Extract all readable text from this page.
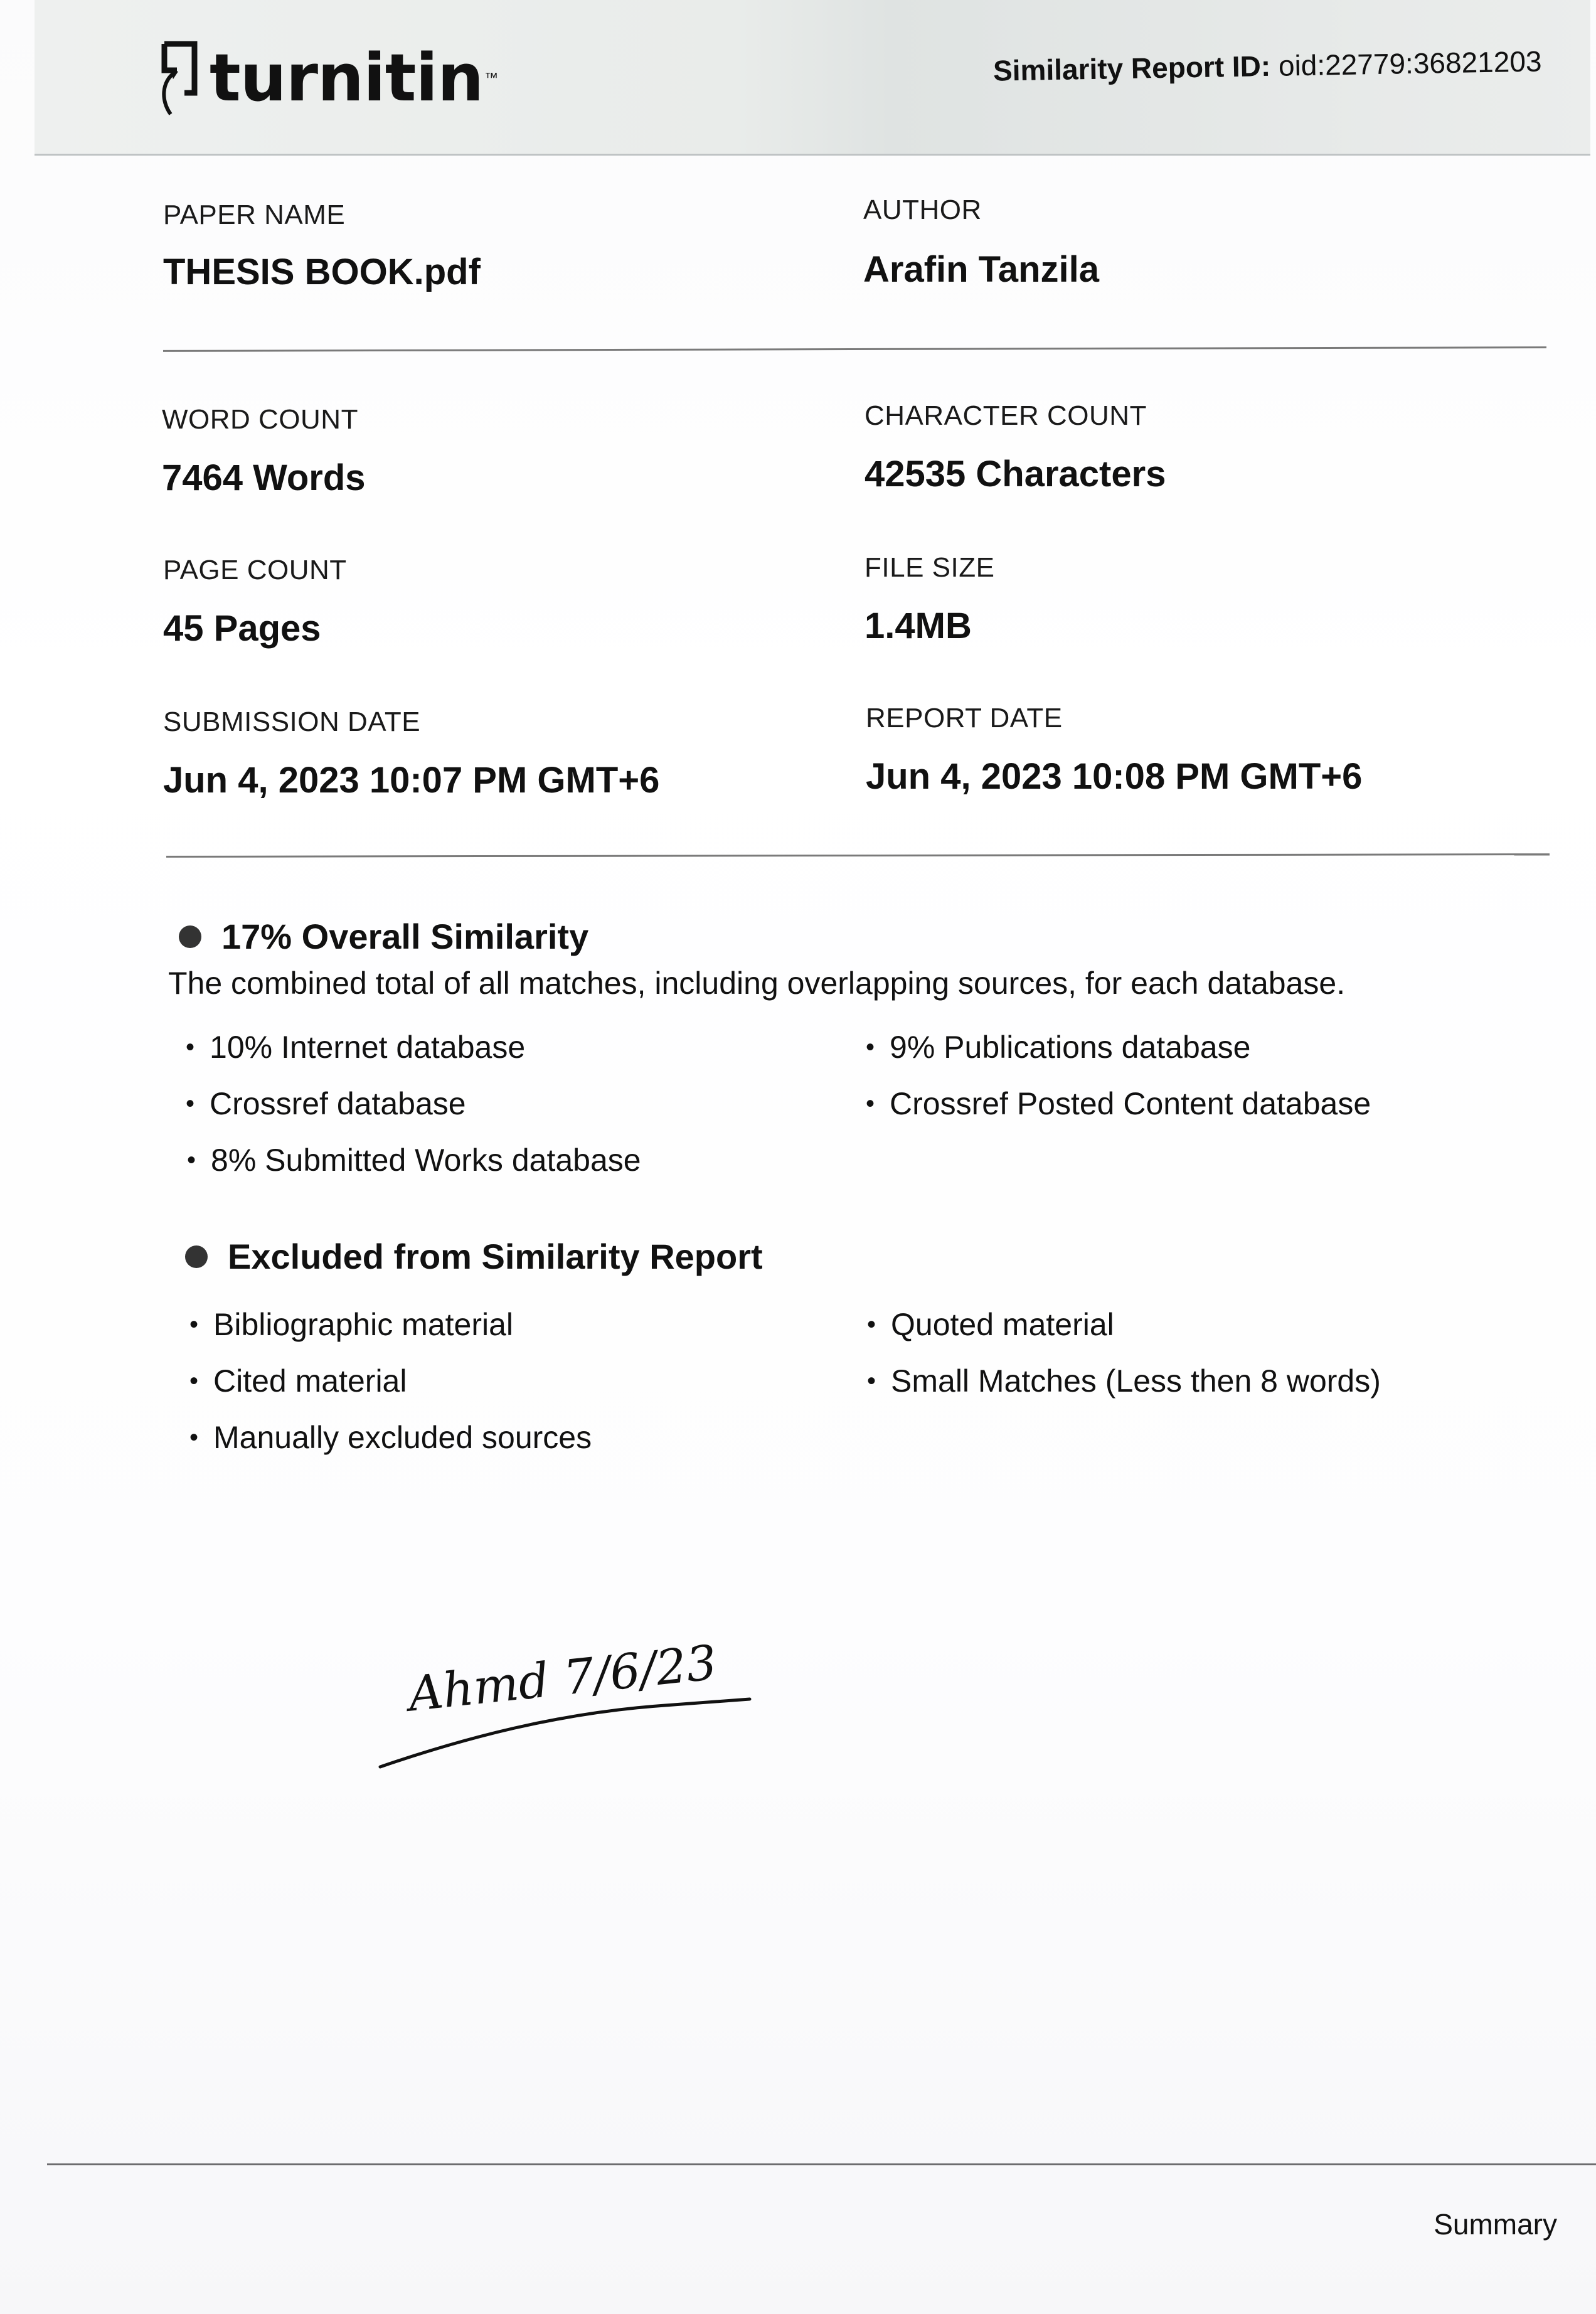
turnitin ™	Similarity Report ID: oid:22779:36821203
PAPER NAME
THESIS BOOK.pdf
AUTHOR
Arafin Tanzila
WORD COUNT
7464 Words
CHARACTER COUNT
42535 Characters
PAGE COUNT
45 Pages
FILE SIZE
1.4MB
SUBMISSION DATE
Jun 4, 2023 10:07 PM GMT+6
REPORT DATE
Jun 4, 2023 10:08 PM GMT+6
17% Overall Similarity
The combined total of all matches, including overlapping sources, for each database.
• 10% Internet database
• Crossref database
• 8% Submitted Works database
• 9% Publications database
• Crossref Posted Content database
Excluded from Similarity Report
• Bibliographic material
• Cited material
• Manually excluded sources
• Quoted material
• Small Matches (Less then 8 words)
Ahmd 7/6/23
Summary
